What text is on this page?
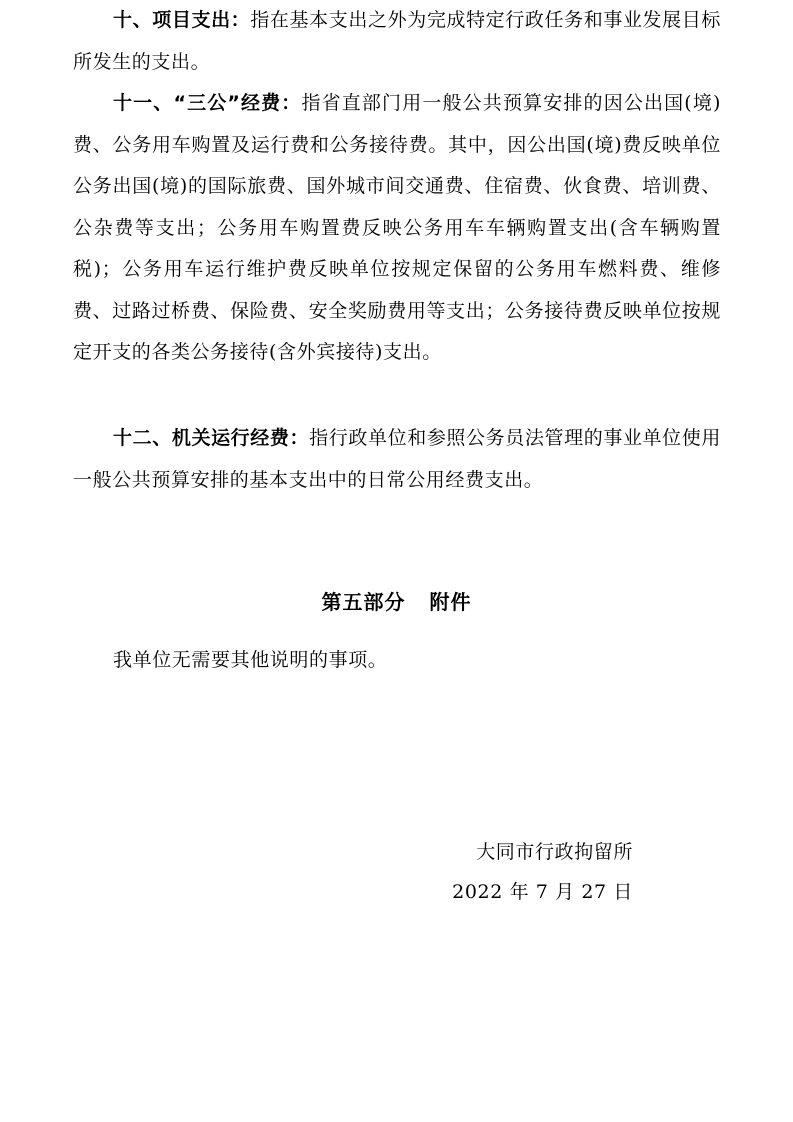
十、项目支出：指在基本支出之外为完成特定行政任务和事业发展目标所发生的支出。

十一、“三公”经费：指省直部门用一般公共预算安排的因公出国(境)费、公务用车购置及运行费和公务接待费。其中，因公出国(境)费反映单位公务出国(境)的国际旅费、国外城市间交通费、住宿费、伙食费、培训费、公杂费等支出；公务用车购置费反映公务用车车辆购置支出(含车辆购置税)；公务用车运行维护费反映单位按规定保留的公务用车燃料费、维修费、过路过桥费、保险费、安全奖励费用等支出；公务接待费反映单位按规定开支的各类公务接待(含外宾接待)支出。

十二、机关运行经费：指行政单位和参照公务员法管理的事业单位使用一般公共预算安排的基本支出中的日常公用经费支出。

第五部分 附件

我单位无需要其他说明的事项。

大同市行政拘留所

2022 年 7 月 27 日
